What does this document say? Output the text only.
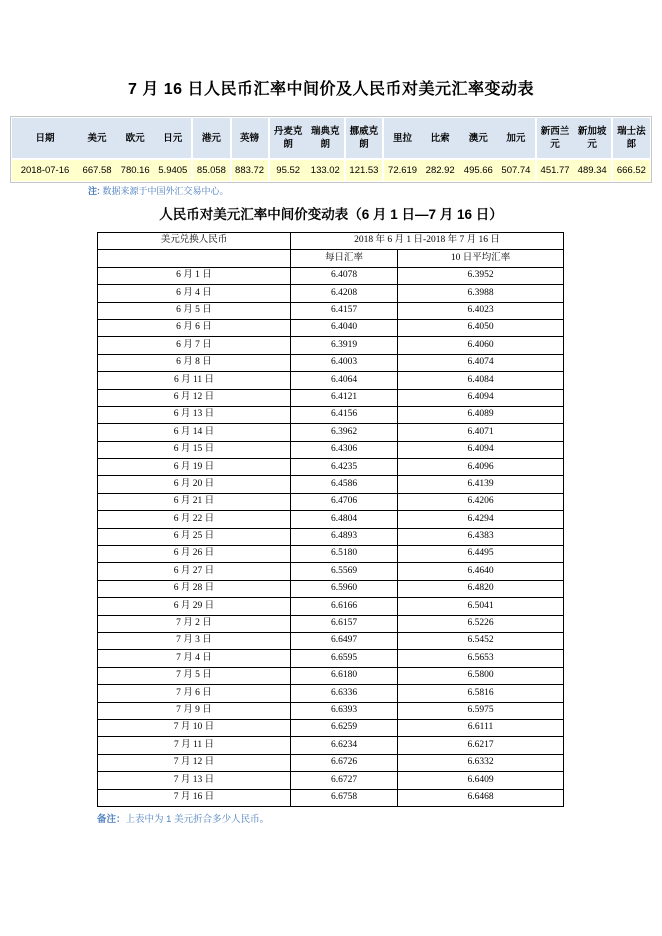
7 月 16 日人民币汇率中间价及人民币对美元汇率变动表
日期	美元	欧元	日元	港元	英镑	丹麦克朗	瑞典克朗	挪威克朗	里拉	比索	澳元	加元	新西兰元	新加坡元	瑞士法郎
2018-07-16	667.58	780.16	5.9405	85.058	883.72	95.52	133.02	121.53	72.619	282.92	495.66	507.74	451.77	489.34	666.52

注: 数据来源于中国外汇交易中心。

人民币对美元汇率中间价变动表（6 月 1 日—7 月 16 日）
美元兑换人民币	2018 年 6 月 1 日-2018 年 7 月 16 日	
	每日汇率	10 日平均汇率
6 月 1 日	6.4078	6.3952
6 月 4 日	6.4208	6.3988
6 月 5 日	6.4157	6.4023
6 月 6 日	6.4040	6.4050
6 月 7 日	6.3919	6.4060
6 月 8 日	6.4003	6.4074
6 月 11 日	6.4064	6.4084
6 月 12 日	6.4121	6.4094
6 月 13 日	6.4156	6.4089
6 月 14 日	6.3962	6.4071
6 月 15 日	6.4306	6.4094
6 月 19 日	6.4235	6.4096
6 月 20 日	6.4586	6.4139
6 月 21 日	6.4706	6.4206
6 月 22 日	6.4804	6.4294
6 月 25 日	6.4893	6.4383
6 月 26 日	6.5180	6.4495
6 月 27 日	6.5569	6.4640
6 月 28 日	6.5960	6.4820
6 月 29 日	6.6166	6.5041
7 月 2 日	6.6157	6.5226
7 月 3 日	6.6497	6.5452
7 月 4 日	6.6595	6.5653
7 月 5 日	6.6180	6.5800
7 月 6 日	6.6336	6.5816
7 月 9 日	6.6393	6.5975
7 月 10 日	6.6259	6.6111
7 月 11 日	6.6234	6.6217
7 月 12 日	6.6726	6.6332
7 月 13 日	6.6727	6.6409
7 月 16 日	6.6758	6.6468

备注：上表中为 1 美元折合多少人民币。
